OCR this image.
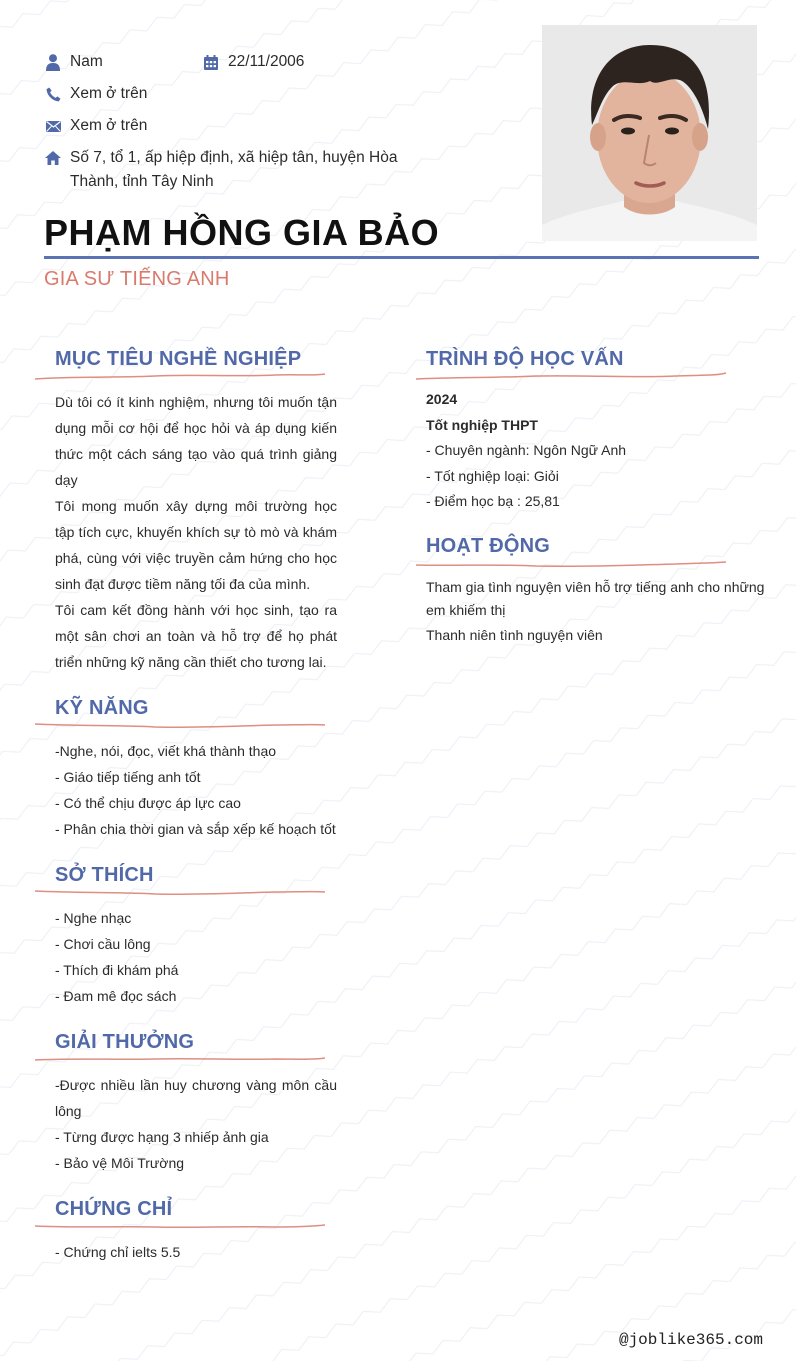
Nam	22/11/2006
Xem ở trên
Xem ở trên
Số 7, tổ 1, ấp hiệp định, xã hiệp tân, huyện Hòa Thành, tỉnh Tây Ninh
PHẠM HỒNG GIA BẢO
GIA SƯ TIẾNG ANH
MỤC TIÊU NGHỀ NGHIỆP

Dù tôi có ít kinh nghiệm, nhưng tôi muốn tận dụng mỗi cơ hội để học hỏi và áp dụng kiến thức một cách sáng tạo vào quá trình giảng dạy

Tôi mong muốn xây dựng môi trường học tập tích cực, khuyến khích sự tò mò và khám phá, cùng với việc truyền cảm hứng cho học sinh đạt được tiềm năng tối đa của mình.

Tôi cam kết đồng hành với học sinh, tạo ra một sân chơi an toàn và hỗ trợ để họ phát triển những kỹ năng cần thiết cho tương lai.

KỸ NĂNG

-Nghe, nói, đọc, viết khá thành thạo

- Giáo tiếp tiếng anh tốt

- Có thể chịu được áp lực cao

- Phân chia thời gian và sắp xếp kế hoạch tốt

SỞ THÍCH

- Nghe nhạc

- Chơi cầu lông

- Thích đi khám phá

- Đam mê đọc sách

GIẢI THƯỞNG

-Được nhiều lần huy chương vàng môn cầu lông

- Từng được hạng 3 nhiếp ảnh gia

- Bảo vệ Môi Trường

CHỨNG CHỈ

- Chứng chỉ ielts 5.5

TRÌNH ĐỘ HỌC VẤN

2024

Tốt nghiệp THPT

- Chuyên ngành: Ngôn Ngữ Anh

- Tốt nghiệp loại: Giỏi

- Điểm học bạ : 25,81

HOẠT ĐỘNG

Tham gia tình nguyện viên hỗ trợ tiếng anh cho những em khiếm thị

Thanh niên tình nguyện viên

@joblike365.com
